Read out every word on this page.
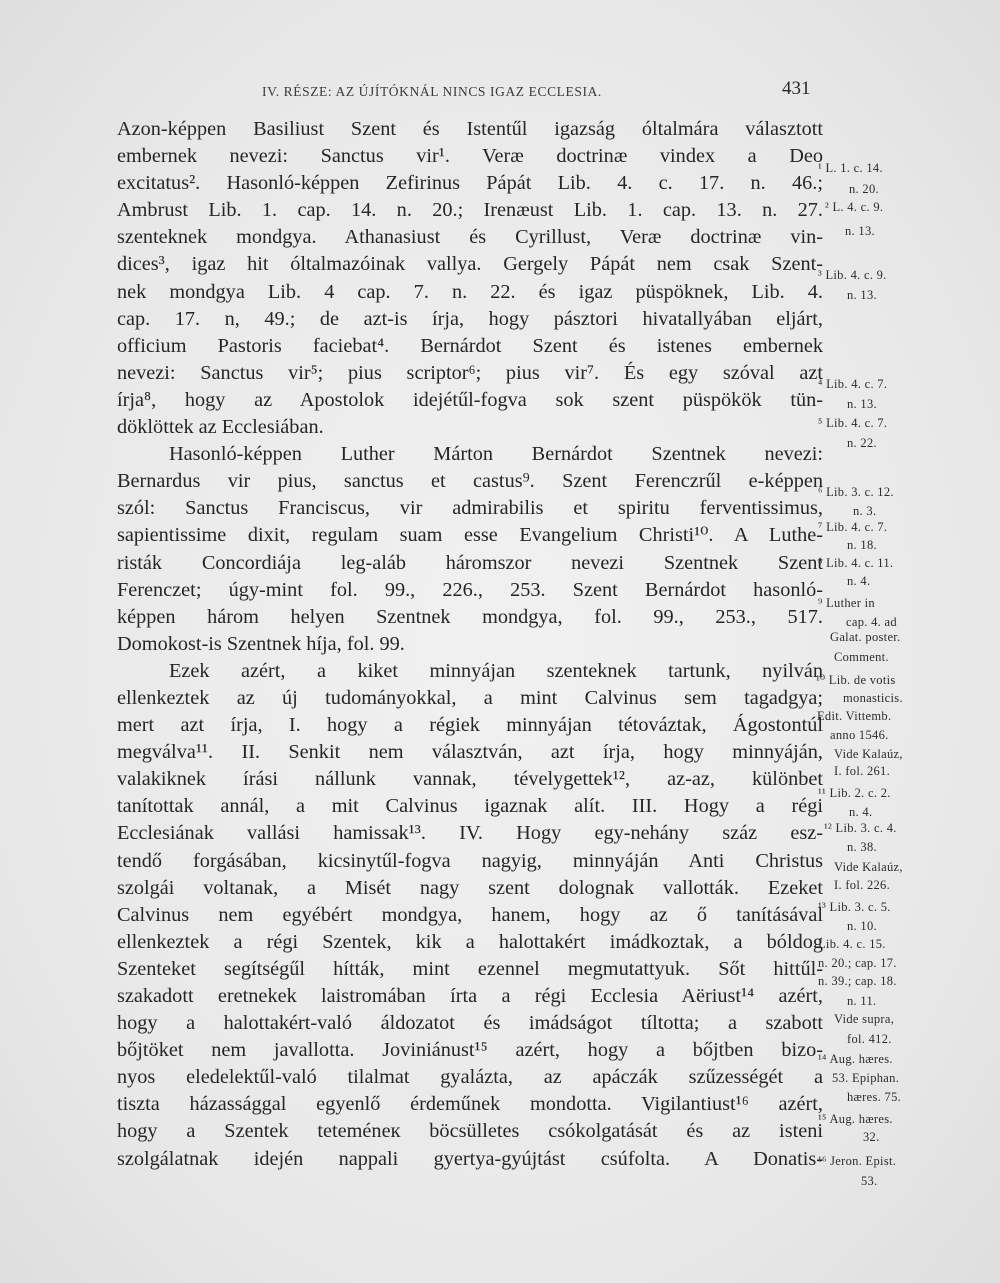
IV. RÉSZE: AZ ÚJÍTÓKNÁL NINCS IGAZ ECCLESIA.	431
Azon-képpen Basiliust Szent és Istentűl igazság óltalmára választott
embernek nevezi: Sanctus vir¹. Veræ doctrinæ vindex a Deo
excitatus². Hasonló-képpen Zefirinus Pápát Lib. 4. c. 17. n. 46.;
Ambrust Lib. 1. cap. 14. n. 20.; Irenæust Lib. 1. cap. 13. n. 27.
szenteknek mondgya. Athanasiust és Cyrillust, Veræ doctrinæ vin-
dices³, igaz hit óltalmazóinak vallya. Gergely Pápát nem csak Szent-
nek mondgya Lib. 4 cap. 7. n. 22. és igaz püspöknek, Lib. 4.
cap. 17. n, 49.; de azt-is írja, hogy pásztori hivatallyában eljárt,
officium Pastoris faciebat⁴. Bernárdot Szent és istenes embernek
nevezi: Sanctus vir⁵; pius scriptor⁶; pius vir⁷. És egy szóval azt
írja⁸, hogy az Apostolok idejétűl-fogva sok szent püspökök tün-
döklöttek az Ecclesiában.
Hasonló-képpen Luther Márton Bernárdot Szentnek nevezi:
Bernardus vir pius, sanctus et castus⁹. Szent Ferenczrűl e-képpen
szól: Sanctus Franciscus, vir admirabilis et spiritu ferventissimus,
sapientissime dixit, regulam suam esse Evangelium Christi¹⁰. A Luthe-
risták Concordiája leg-aláb háromszor nevezi Szentnek Szent
Ferenczet; úgy-mint fol. 99., 226., 253. Szent Bernárdot hasonló-
képpen három helyen Szentnek mondgya, fol. 99., 253., 517.
Domokost-is Szentnek híja, fol. 99.
Ezek azért, a kiket minnyájan szenteknek tartunk, nyilván
ellenkeztek az új tudományokkal, a mint Calvinus sem tagadgya;
mert azt írja, I. hogy a régiek minnyájan tétováztak, Ágostontúl
megválva¹¹. II. Senkit nem választván, azt írja, hogy minnyáján,
valakiknek írási nállunk vannak, tévelygettek¹², az-az, különbet
tanítottak annál, a mit Calvinus igaznak alít. III. Hogy a régi
Ecclesiának vallási hamissak¹³. IV. Hogy egy-nehány száz esz-
tendő forgásában, kicsinytűl-fogva nagyig, minnyáján Anti Christus
szolgái voltanak, a Misét nagy szent dolognak vallották. Ezeket
Calvinus nem egyébért mondgya, hanem, hogy az ő tanításával
ellenkeztek a régi Szentek, kik a halottakért imádkoztak, a bóldog
Szenteket segítségűl hítták, mint ezennel megmutattyuk. Sőt hittűl-
szakadott eretnekek laistromában írta a régi Ecclesia Aëriust¹⁴ azért,
hogy a halottakért-való áldozatot és imádságot tíltotta; a szabott
bőjtöket nem javallotta. Joviniánust¹⁵ azért, hogy a bőjtben bizo-
nyos eledelektűl-való tilalmat gyalázta, az apáczák szűzességét a
tiszta házassággal egyenlő érdeműnek mondotta. Vigilantiust¹⁶ azért,
hogy a Szentek teteméneк böcsülletes csókolgatását és az isteni
szolgálatnak idején nappali gyertya-gyújtást csúfolta. A Donatis-
¹ L. 1. c. 14.
n. 20.
² L. 4. c. 9.
n. 13.
³ Lib. 4. c. 9.
n. 13.
⁴ Lib. 4. c. 7.
n. 13.
⁵ Lib. 4. c. 7.
n. 22.
⁶ Lib. 3. c. 12.
n. 3.
⁷ Lib. 4. c. 7.
n. 18.
⁸ Lib. 4. c. 11.
n. 4.
⁹ Luther in
cap. 4. ad
Galat. poster.
Comment.
¹⁰ Lib. de votis
monasticis.
Edit. Vittemb.
anno 1546.
Vide Kalaúz,
I. fol. 261.
¹¹ Lib. 2. c. 2.
n. 4.
¹² Lib. 3. c. 4.
n. 38.
Vide Kalaúz,
I. fol. 226.
¹³ Lib. 3. c. 5.
n. 10.
Lib. 4. c. 15.
n. 20.; cap. 17.
n. 39.; cap. 18.
n. 11.
Vide supra,
fol. 412.
¹⁴ Aug. hæres.
53. Epiphan.
hæres. 75.
¹⁵ Aug. hæres.
32.
¹⁶ Jeron. Epist.
53.
